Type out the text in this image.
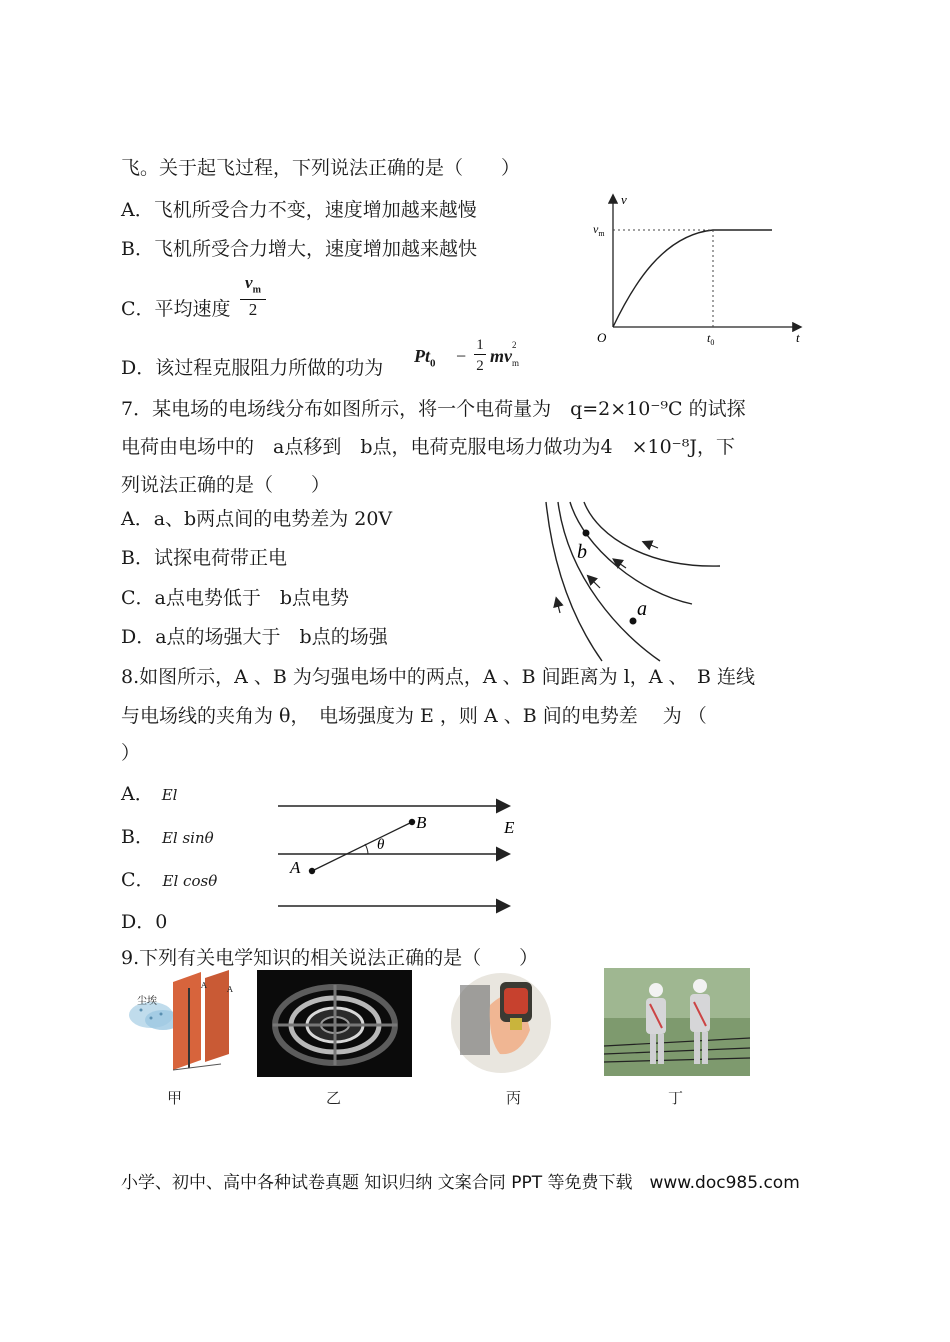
飞。关于起飞过程，下列说法正确的是（　　）
A．飞机所受合力不变，速度增加越来越慢
B．飞机所受合力增大，速度增加越来越快
C．平均速度 $\frac{v_m}{2}$
D．该过程克服阻力所做的功为
$Pt_0 - \frac{1}{2}$ mv
2
m
v
t
O
$v_m$
$t_0$
7．某电场的电场线分布如图所示，将一个电荷量为　q=2×10⁻⁹C 的试探
电荷由电场中的　a点移到　b点，电荷克服电场力做功为4　×10⁻⁸J，下
列说法正确的是（　　）
A．a、b两点间的电势差为 20V
B．试探电荷带正电
C．a点电势低于　b点电势
D．a点的场强大于　b点的场强
b
a
8.如图所示，A 、B 为匀强电场中的两点，A 、B 间距离为 l，A 、　B 连线
与电场线的夹角为 θ，　电场强度为 E ，则 A 、B 间的电势差　 为 （
）
A． El
B． El sinθ
C． El cosθ
D．0
A
B
θ
E
9.下列有关电学知识的相关说法正确的是（　　）
A	A
尘埃
甲	乙	丙	丁
小学、初中、高中各种试卷真题 知识归纳 文案合同 PPT 等免费下载　www.doc985.com
